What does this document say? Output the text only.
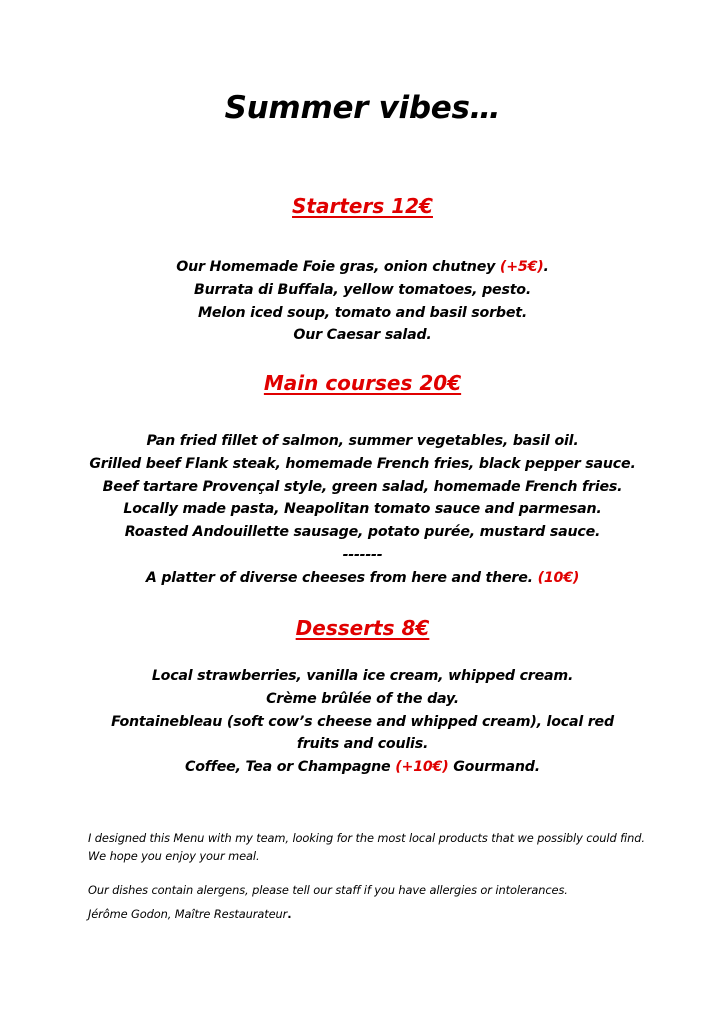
Summer vibes…
Starters 12€
Our Homemade Foie gras, onion chutney (+5€).
Burrata di Buffala, yellow tomatoes, pesto.
Melon iced soup, tomato and basil sorbet.
Our Caesar salad.
Main courses 20€
Pan fried fillet of salmon, summer vegetables, basil oil.
Grilled beef Flank steak, homemade French fries, black pepper sauce.
Beef tartare Provençal style, green salad, homemade French fries.
Locally made pasta, Neapolitan tomato sauce and parmesan.
Roasted Andouillette sausage, potato purée, mustard sauce.
-------
A platter of diverse cheeses from here and there. (10€)
Desserts 8€
Local strawberries, vanilla ice cream, whipped cream.
Crème brûlée of the day.
Fontainebleau (soft cow’s cheese and whipped cream), local red fruits and coulis.
Coffee, Tea or Champagne (+10€) Gourmand.

I designed this Menu with my team, looking for the most local products that we possibly could find. We hope you enjoy your meal.

Our dishes contain alergens, please tell our staff if you have allergies or intolerances.

Jérôme Godon, Maître Restaurateur.
